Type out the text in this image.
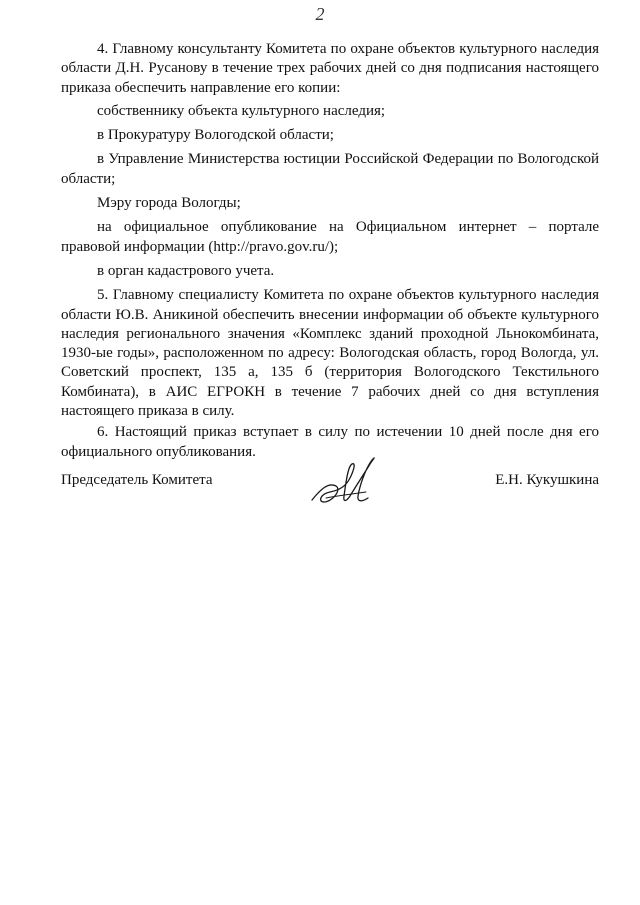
2

4. Главному консультанту Комитета по охране объектов культурного наследия области Д.Н. Русанову в течение трех рабочих дней со дня подписания настоящего приказа обеспечить направление его копии:

собственнику объекта культурного наследия;

в Прокуратуру Вологодской области;

в Управление Министерства юстиции Российской Федерации по Вологодской области;

Мэру города Вологды;

на официальное опубликование на Официальном интернет – портале правовой информации (http://pravo.gov.ru/);

в орган кадастрового учета.

5. Главному специалисту Комитета по охране объектов культурного наследия области Ю.В. Аникиной обеспечить внесении информации об объекте культурного наследия регионального значения «Комплекс зданий проходной Льнокомбината, 1930-ые годы», расположенном по адресу: Вологодская область, город Вологда, ул. Советский проспект, 135 а, 135 б (территория Вологодского Текстильного Комбината), в АИС ЕГРОКН в течение 7 рабочих дней со дня вступления настоящего приказа в силу.

6. Настоящий приказ вступает в силу по истечении 10 дней после дня его официального опубликования.

Председатель Комитета	Е.Н. Кукушкина
